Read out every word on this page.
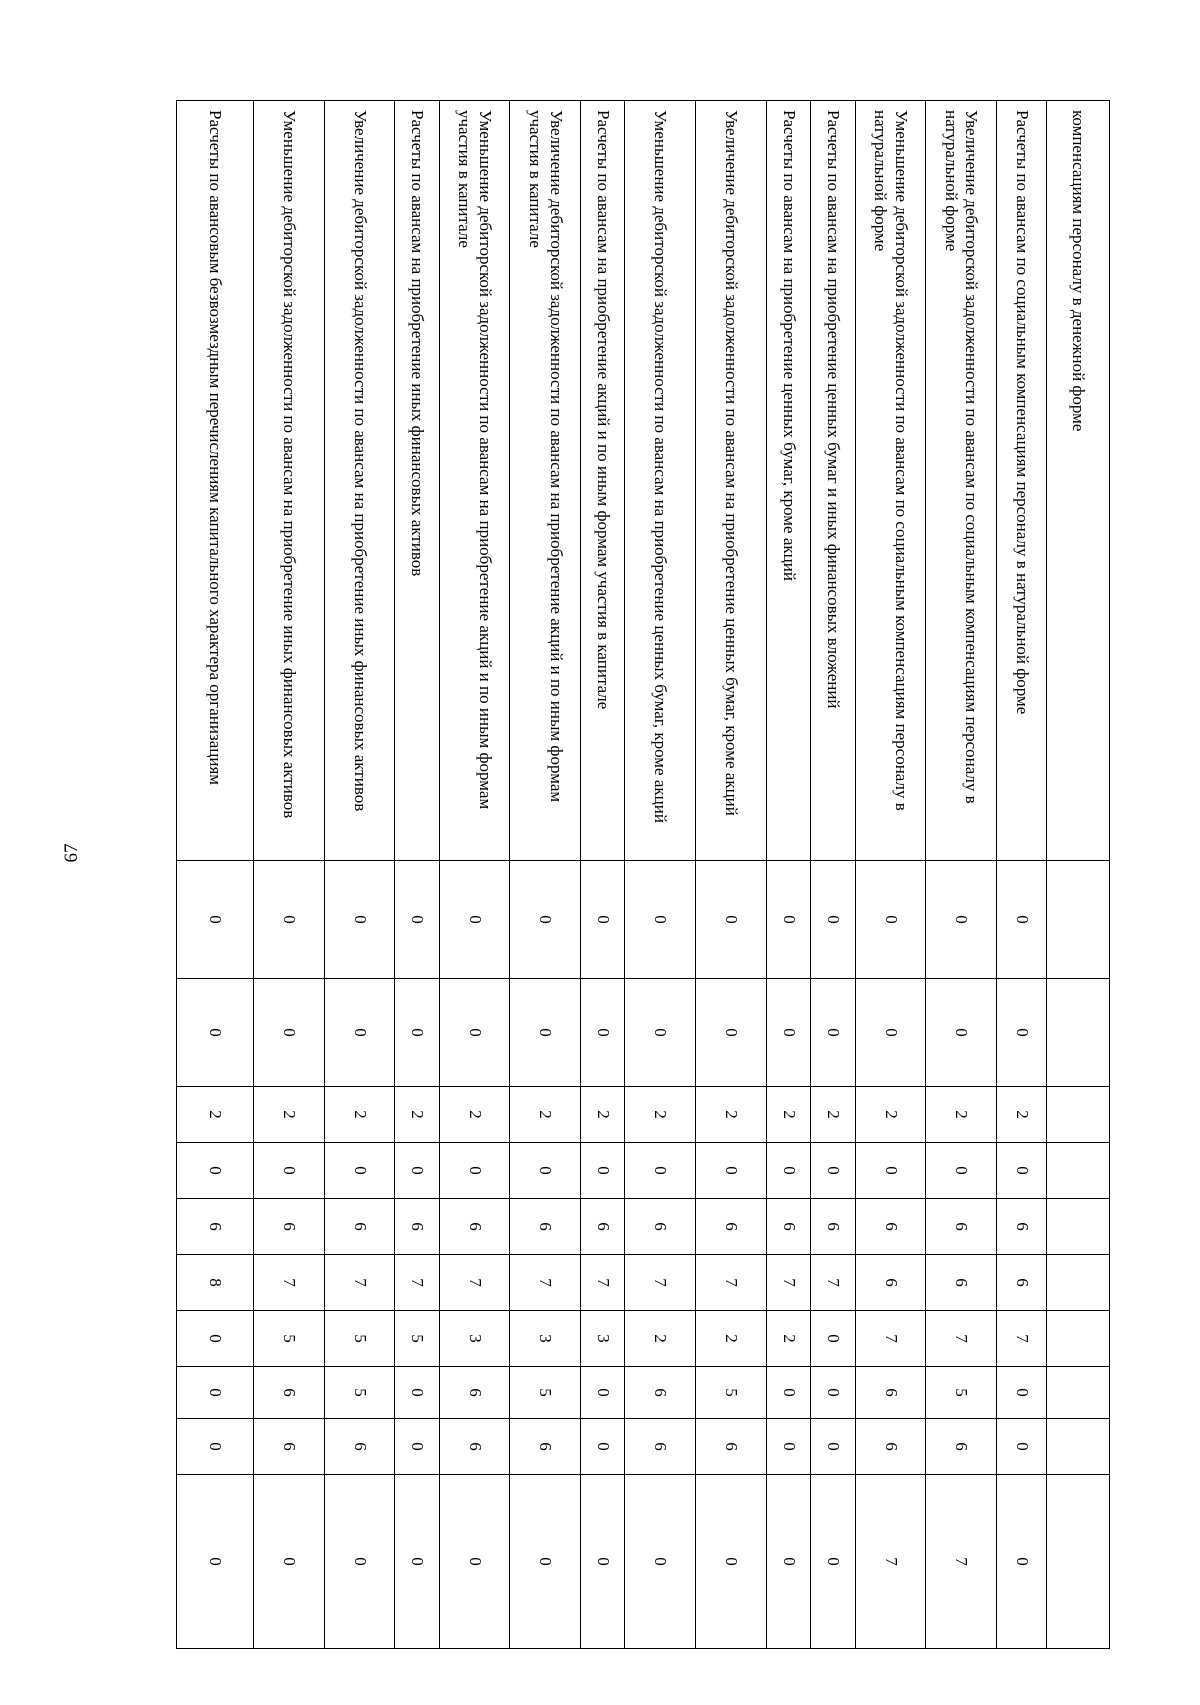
67
компенсациям персоналу в денежной форме										
Расчеты по авансам по социальным компенсациям персоналу в натуральной форме	0	0	2	0	6	6	7	0	0	0
Увеличение дебиторской задолженности по авансам по социальным компенсациям персоналу в натуральной форме	0	0	2	0	6	6	7	5	6	7
Уменьшение дебиторской задолженности по авансам по социальным компенсациям персоналу в натуральной форме	0	0	2	0	6	6	7	6	6	7
Расчеты по авансам на приобретение ценных бумаг и иных финансовых вложений	0	0	2	0	6	7	0	0	0	0
Расчеты по авансам на приобретение ценных бумаг, кроме акций	0	0	2	0	6	7	2	0	0	0
Увеличение дебиторской задолженности по авансам на приобретение ценных бумаг, кроме акций	0	0	2	0	6	7	2	5	6	0
Уменьшение дебиторской задолженности по авансам на приобретение ценных бумаг, кроме акций	0	0	2	0	6	7	2	6	6	0
Расчеты по авансам на приобретение акций и по иным формам участия в капитале	0	0	2	0	6	7	3	0	0	0
Увеличение дебиторской задолженности по авансам на приобретение акций и по иным формам участия в капитале	0	0	2	0	6	7	3	5	6	0
Уменьшение дебиторской задолженности по авансам на приобретение акций и по иным формам участия в капитале	0	0	2	0	6	7	3	6	6	0
Расчеты по авансам на приобретение иных финансовых активов	0	0	2	0	6	7	5	0	0	0
Увеличение дебиторской задолженности по авансам на приобретение иных финансовых активов	0	0	2	0	6	7	5	5	6	0
Уменьшение дебиторской задолженности по авансам на приобретение иных финансовых активов	0	0	2	0	6	7	5	6	6	0
Расчеты по авансовым безвозмездным перечислениям капитального характера организациям	0	0	2	0	6	8	0	0	0	0
